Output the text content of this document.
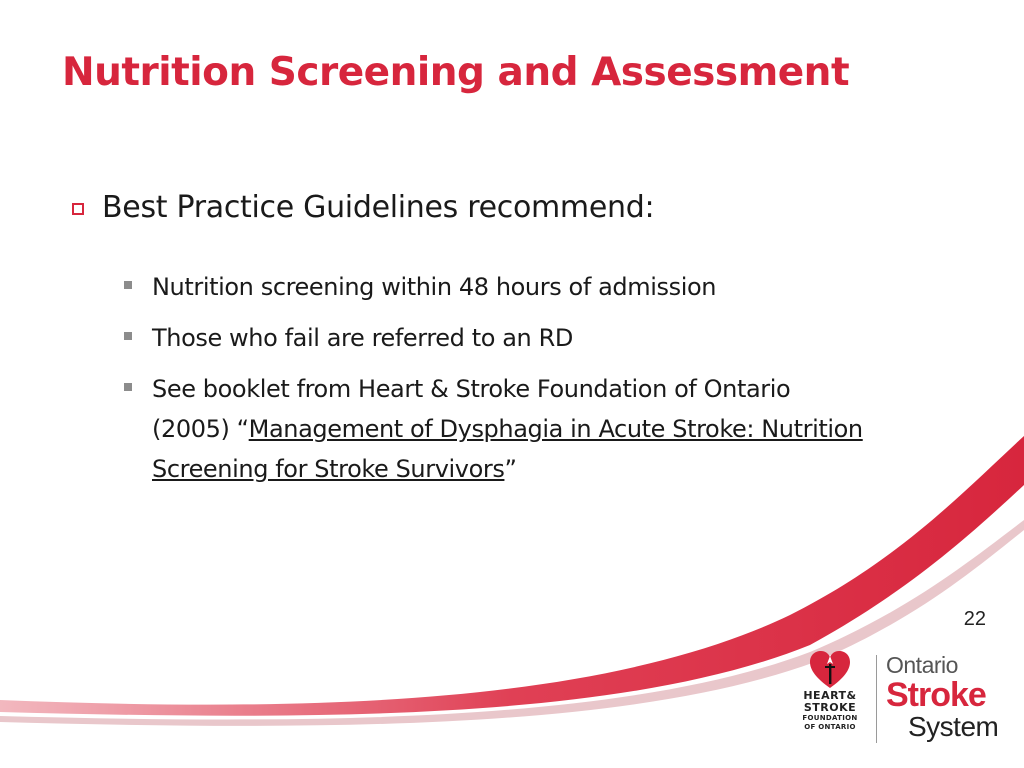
Nutrition Screening and Assessment
Best Practice Guidelines recommend:
Nutrition screening within 48 hours of admission
Those who fail are referred to an RD
See booklet from Heart & Stroke Foundation of Ontario (2005) “Management of Dysphagia in Acute Stroke: Nutrition Screening for Stroke Survivors”
22
HEART&
STROKE
FOUNDATION
OF ONTARIO
Ontario
Stroke
System
